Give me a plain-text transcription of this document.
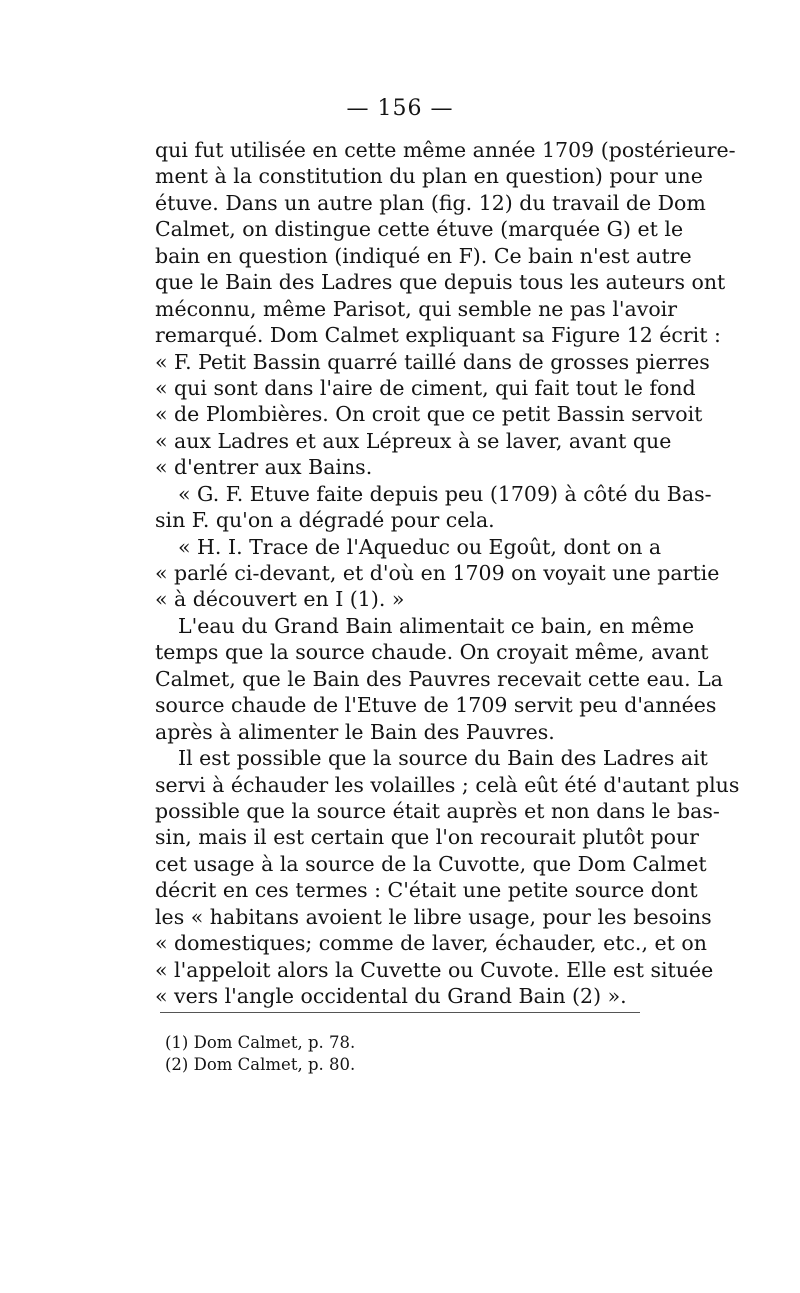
— 156 —
qui fut utilisée en cette même année 1709 (postérieure-
ment à la constitution du plan en question) pour une
étuve. Dans un autre plan (fig. 12) du travail de Dom
Calmet, on distingue cette étuve (marquée G) et le
bain en question (indiqué en F). Ce bain n'est autre
que le Bain des Ladres que depuis tous les auteurs ont
méconnu, même Parisot, qui semble ne pas l'avoir
remarqué. Dom Calmet expliquant sa Figure 12 écrit :
« F. Petit Bassin quarré taillé dans de grosses pierres
« qui sont dans l'aire de ciment, qui fait tout le fond
« de Plombières. On croit que ce petit Bassin servoit
« aux Ladres et aux Lépreux à se laver, avant que
« d'entrer aux Bains.
« G. F. Etuve faite depuis peu (1709) à côté du Bas-
sin F. qu'on a dégradé pour cela.
« H. I. Trace de l'Aqueduc ou Egoût, dont on a
« parlé ci-devant, et d'où en 1709 on voyait une partie
« à découvert en I (1). »
L'eau du Grand Bain alimentait ce bain, en même
temps que la source chaude. On croyait même, avant
Calmet, que le Bain des Pauvres recevait cette eau. La
source chaude de l'Etuve de 1709 servit peu d'années
après à alimenter le Bain des Pauvres.
Il est possible que la source du Bain des Ladres ait
servi à échauder les volailles ; celà eût été d'autant plus
possible que la source était auprès et non dans le bas-
sin, mais il est certain que l'on recourait plutôt pour
cet usage à la source de la Cuvotte, que Dom Calmet
décrit en ces termes : C'était une petite source dont
les « habitans avoient le libre usage, pour les besoins
« domestiques; comme de laver, échauder, etc., et on
« l'appeloit alors la Cuvette ou Cuvote. Elle est située
« vers l'angle occidental du Grand Bain (2) ».
(1) Dom Calmet, p. 78.
(2) Dom Calmet, p. 80.
